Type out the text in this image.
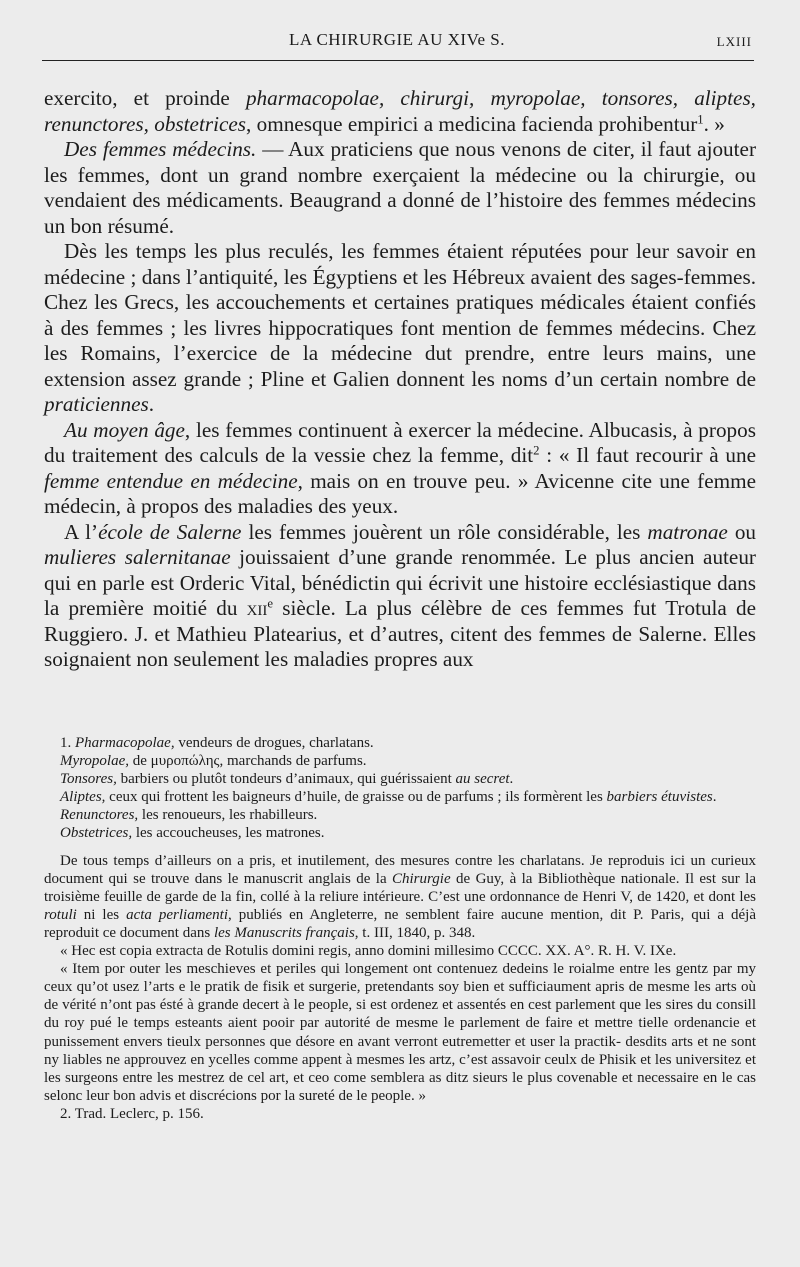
LA CHIRURGIE AU XIVe S.	LXIII

exercito, et proinde pharmacopolae, chirurgi, myropolae, tonsores, aliptes, renunctores, obstetrices, omnesque empirici a medicina facienda prohibentur$^1$. »

Des femmes médecins. — Aux praticiens que nous venons de citer, il faut ajouter les femmes, dont un grand nombre exerçaient la médecine ou la chirurgie, ou vendaient des médicaments. Beaugrand a donné de l’histoire des femmes médecins un bon résumé.

Dès les temps les plus reculés, les femmes étaient réputées pour leur savoir en médecine ; dans l’antiquité, les Égyptiens et les Hébreux avaient des sages-femmes. Chez les Grecs, les accouchements et certaines pratiques médicales étaient confiés à des femmes ; les livres hippocratiques font mention de femmes médecins. Chez les Romains, l’exercice de la médecine dut prendre, entre leurs mains, une extension assez grande ; Pline et Galien donnent les noms d’un certain nombre de praticiennes.

Au moyen âge, les femmes continuent à exercer la médecine. Albucasis, à propos du traitement des calculs de la vessie chez la femme, dit$^2$ : « Il faut recourir à une femme entendue en médecine, mais on en trouve peu. » Avicenne cite une femme médecin, à propos des maladies des yeux.

A l’école de Salerne les femmes jouèrent un rôle considérable, les matronae ou mulieres salernitanae jouissaient d’une grande renommée. Le plus ancien auteur qui en parle est Orderic Vital, bénédictin qui écrivit une histoire ecclésiastique dans la première moitié du xii$^e$ siècle. La plus célèbre de ces femmes fut Trotula de Ruggiero. J. et Mathieu Platearius, et d’autres, citent des femmes de Salerne. Elles soignaient non seulement les maladies propres aux

1. Pharmacopolae, vendeurs de drogues, charlatans.

Myropolae, de μυροπώλης, marchands de parfums.

Tonsores, barbiers ou plutôt tondeurs d’animaux, qui guérissaient au secret.

Aliptes, ceux qui frottent les baigneurs d’huile, de graisse ou de parfums ; ils formèrent les barbiers étuvistes.

Renunctores, les renoueurs, les rhabilleurs.

Obstetrices, les accoucheuses, les matrones.

De tous temps d’ailleurs on a pris, et inutilement, des mesures contre les charlatans. Je reproduis ici un curieux document qui se trouve dans le manuscrit anglais de la Chirurgie de Guy, à la Bibliothèque nationale. Il est sur la troisième feuille de garde de la fin, collé à la reliure intérieure. C’est une ordonnance de Henri V, de 1420, et dont les rotuli ni les acta perliamenti, publiés en Angleterre, ne semblent faire aucune mention, dit P. Paris, qui a déjà reproduit ce document dans les Manuscrits français, t. III, 1840, p. 348.

« Hec est copia extracta de Rotulis domini regis, anno domini millesimo CCCC. XX. A°. R. H. V. IXe.

« Item por outer les meschieves et periles qui longement ont contenuez dedeins le roialme entre les gentz par my ceux qu’ot usez l’arts e le pratik de fisik et surgerie, pretendants soy bien et sufficiaument apris de mesme les arts où de vérité n’ont pas ésté à grande decert à le people, si est ordenez et assentés en cest parlement que les sires du consill du roy pué le temps esteants aient pooir par autorité de mesme le parlement de faire et mettre tielle ordenancie et punissement envers tieulx personnes que désore en avant verront eutremetter et user la practik- desdits arts et ne sont ny liables ne approuvez en ycelles comme appent à mesmes les artz, c’est assavoir ceulx de Phisik et les universitez et les surgeons entre les mestrez de cel art, et ceo come semblera as ditz sieurs le plus covenable et necessaire en le cas selonc leur bon advis et discrécions por la sureté de le people. »

2. Trad. Leclerc, p. 156.
